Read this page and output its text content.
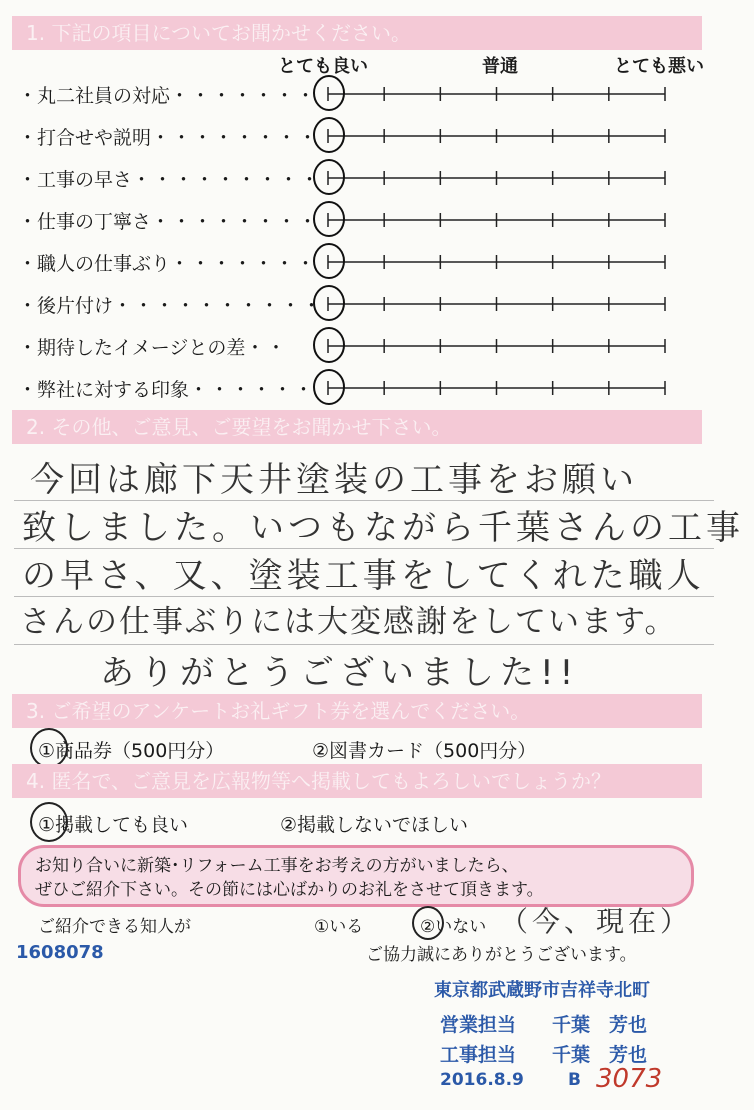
1. 下記の項目についてお聞かせください。
とても良い	普通	とても悪い
・丸二社員の対応・・・・・・・
・打合せや説明・・・・・・・・
・工事の早さ・・・・・・・・・
・仕事の丁寧さ・・・・・・・・
・職人の仕事ぶり・・・・・・・
・後片付け・・・・・・・・・・
・期待したイメージとの差・・
・弊社に対する印象・・・・・・
2. その他、ご意見、ご要望をお聞かせ下さい。
今回は廊下天井塗装の工事をお願い
致しました。いつもながら千葉さんの工事
の早さ、又、塗装工事をしてくれた職人
さんの仕事ぶりには大変感謝をしています。
ありがとうございました!!
3. ご希望のアンケートお礼ギフト券を選んでください。
①商品券（500円分）	②図書カード（500円分）
4. 匿名で、ご意見を広報物等へ掲載してもよろしいでしょうか？
①掲載しても良い	②掲載しないでほしい
お知り合いに新築･リフォーム工事をお考えの方がいましたら、
ぜひご紹介下さい。その節には心ばかりのお礼をさせて頂きます。
ご紹介できる知人が	①いる	②いない （今、現在）
1608078	ご協力誠にありがとうございます。
東京都武蔵野市吉祥寺北町
営業担当 千葉　芳也
工事担当 千葉　芳也
2016.8.9	B 3073
